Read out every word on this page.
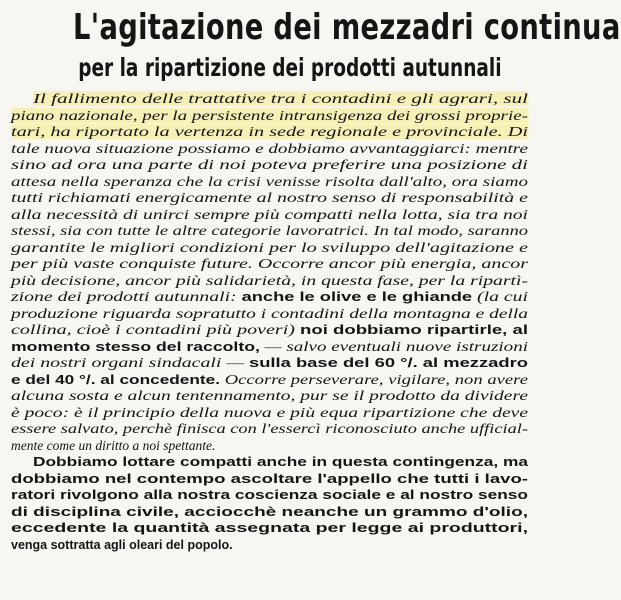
L'agitazione dei mezzadri continua
per la ripartizione dei prodotti autunnali
Il fallimento delle trattative tra i contadini e gli agrari, sul
piano nazionale, per la persistente intransigenza dei grossi proprie-
tari, ha riportato la vertenza in sede regionale e provinciale. Di
tale nuova situazione possiamo e dobbiamo avvantaggiarci: mentre
sino ad ora una parte di noi poteva preferire una posizione di
attesa nella speranza che la crisi venisse risolta dall'alto, ora siamo
tutti richiamati energicamente al nostro senso di responsabilità e
alla necessità di unirci sempre più compatti nella lotta, sia tra noi
stessi, sia con tutte le altre categorie lavoratrici. In tal modo, saranno
garantite le migliori condizioni per lo sviluppo dell'agitazione e
per più vaste conquiste future. Occorre ancor più energia, ancor
più decisione, ancor più salidarietà, in questa fase, per la ripartì-
zione dei prodotti autunnali: anche le olive e le ghiande (la cui
produzione riguarda sopratutto i contadini della montagna e della
collina, cioè i contadini più poveri) noi dobbiamo ripartirle, al
momento stesso del raccolto, — salvo eventuali nuove istruzioni
dei nostri organi sindacali — sulla base del 60 °/. al mezzadro
e del 40 °/. al concedente. Occorre perseverare, vigilare, non avere
alcuna sosta e alcun tentennamento, pur se il prodotto da dividere
è poco: è il principio della nuova e più equa ripartizione che deve
essere salvato, perchè finisca con l'essercì riconosciuto anche ufficial-
mente come un diritto a noi spettante.
Dobbiamo lottare compatti anche in questa contingenza, ma
dobbiamo nel contempo ascoltare l'appello che tutti i lavo-
ratori rivolgono alla nostra coscienza sociale e al nostro senso
di disciplina civile, acciocchè neanche un grammo d'olio,
eccedente la quantità assegnata per legge ai produttori,
venga sottratta agli oleari del popolo.
